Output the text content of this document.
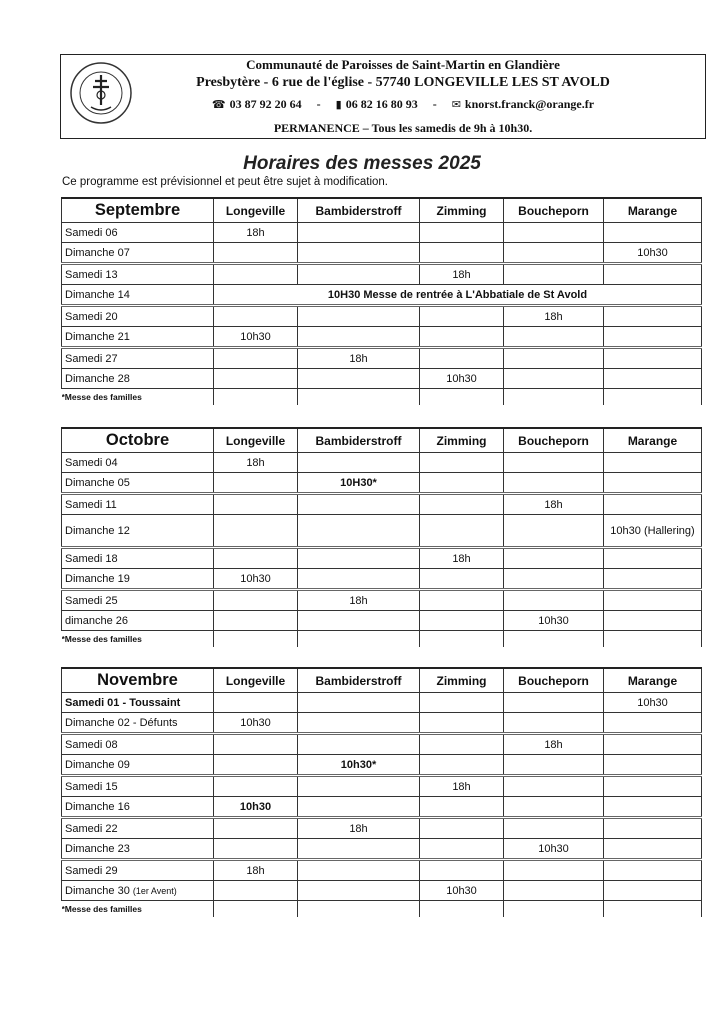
Communauté de Paroisses de Saint-Martin en Glandière
Presbytère - 6 rue de l'église - 57740 LONGEVILLE LES ST AVOLD
☎ 03 87 92 20 64 - ▮ 06 82 16 80 93 - ✉ knorst.franck@orange.fr
PERMANENCE – Tous les samedis de 9h à 10h30.
Horaires des messes 2025
Ce programme est prévisionnel et peut être sujet à modification.
Septembre	Longeville	Bambiderstroff	Zimming	Boucheporn	Marange
Samedi 06	18h				
Dimanche 07					10h30
Samedi 13			18h		
Dimanche 14	10H30 Messe de rentrée à L'Abbatiale de St Avold				
Samedi 20				18h	
Dimanche 21	10h30				
Samedi 27		18h			
Dimanche 28			10h30		
*Messe des familles					
Octobre	Longeville	Bambiderstroff	Zimming	Boucheporn	Marange
Samedi 04	18h				
Dimanche 05		10H30*			
Samedi 11				18h	
Dimanche 12					10h30 (Hallering)
Samedi 18			18h		
Dimanche 19	10h30				
Samedi 25		18h			
dimanche 26				10h30	
*Messe des familles					
Novembre	Longeville	Bambiderstroff	Zimming	Boucheporn	Marange
Samedi 01 - Toussaint					10h30
Dimanche 02 - Défunts	10h30				
Samedi 08				18h	
Dimanche 09		10h30*			
Samedi 15			18h		
Dimanche 16	10h30				
Samedi 22		18h			
Dimanche 23				10h30	
Samedi 29	18h				
Dimanche 30 (1er Avent)			10h30		
*Messe des familles					
